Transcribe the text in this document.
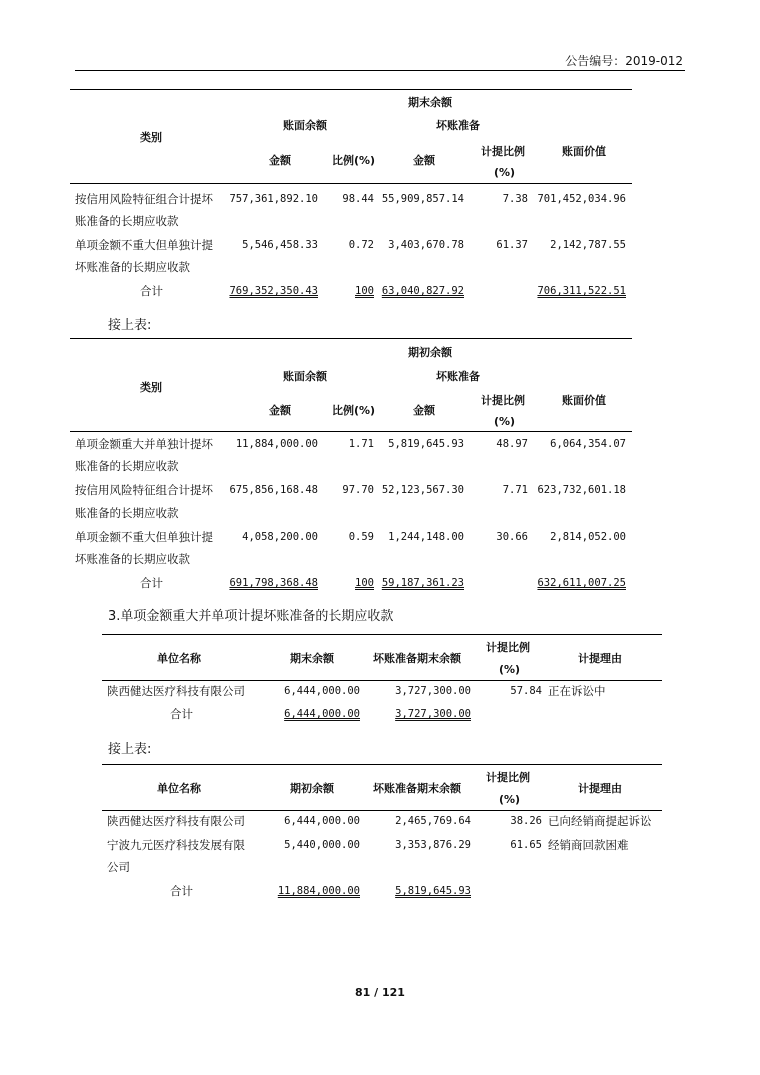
公告编号：2019-012
期末余额
类别
账面余额	坏账准备
金额	比例(%)	金额
计提比例
(%)
账面价值
按信用风险特征组合计提坏
账准备的长期应收款
757,361,892.10 98.44 55,909,857.14	7.38 701,452,034.96
单项金额不重大但单独计提
坏账准备的长期应收款
5,546,458.33	0.72 3,403,670.78	61.37 2,142,787.55
合计	769,352,350.43	100 63,040,827.92	706,311,522.51
接上表:
期初余额
类别
账面余额	坏账准备
金额	比例(%)	金额
计提比例
(%)
账面价值
单项金额重大并单独计提坏
账准备的长期应收款
11,884,000.00	1.71 5,819,645.93	48.97 6,064,354.07
按信用风险特征组合计提坏
账准备的长期应收款
675,856,168.48 97.70 52,123,567.30	7.71 623,732,601.18
单项金额不重大但单独计提
坏账准备的长期应收款
4,058,200.00	0.59 1,244,148.00	30.66 2,814,052.00
合计	691,798,368.48	100 59,187,361.23	632,611,007.25
3.单项金额重大并单项计提坏账准备的长期应收款
单位名称	期末余额	坏账准备期末余额
计提比例
(%)
计提理由
陕西健达医疗科技有限公司	6,444,000.00	3,727,300.00	57.84 正在诉讼中
合计	6,444,000.00	3,727,300.00
接上表:
单位名称	期初余额	坏账准备期末余额
计提比例
(%)
计提理由
陕西健达医疗科技有限公司	6,444,000.00	2,465,769.64	38.26 已向经销商提起诉讼
宁波九元医疗科技发展有限
公司
5,440,000.00	3,353,876.29	61.65 经销商回款困难
合计	11,884,000.00	5,819,645.93
81 / 121
